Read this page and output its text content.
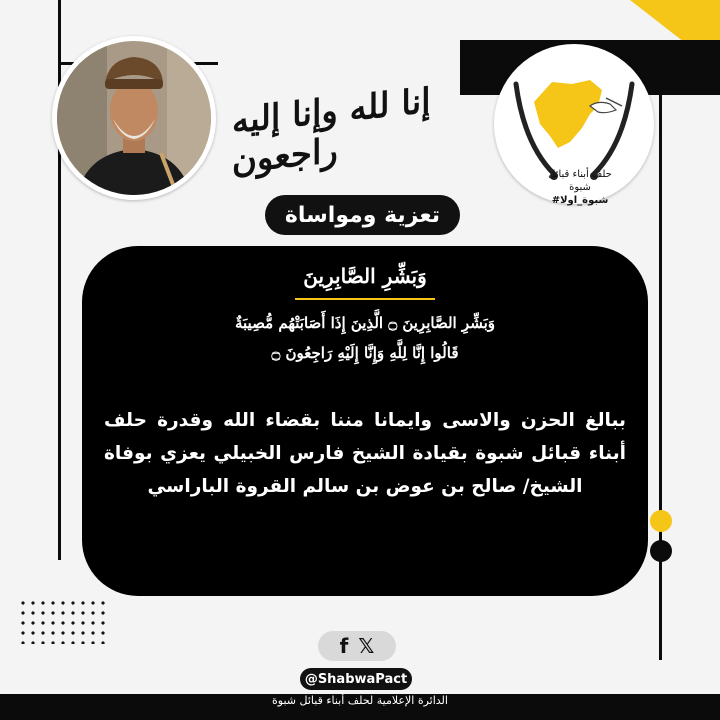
حلف أبناء قبائل شبوة
#شبوة_اولا
إنا لله وإنا إليه راجعون
تعزية ومواساة
وَبَشِّرِ الصَّابِرِينَ
وَبَشِّرِ الصَّابِرِينَ ۝ الَّذِينَ إِذَا أَصَابَتْهُم مُّصِيبَةٌ
قَالُوا إِنَّا لِلَّهِ وَإِنَّا إِلَيْهِ رَاجِعُونَ ۝
ببالغ الحزن والاسى وايمانا مننا بقضاء الله وقدرة حلف أبناء قبائل شبوة بقيادة الشيخ فارس الخبيلي يعزي بوفاة الشيخ/ صالح بن عوض بن سالم القروة الباراسي
f 𝕏
@ShabwaPact
الدائرة الإعلامية لحلف أبناء قبائل شبوة
